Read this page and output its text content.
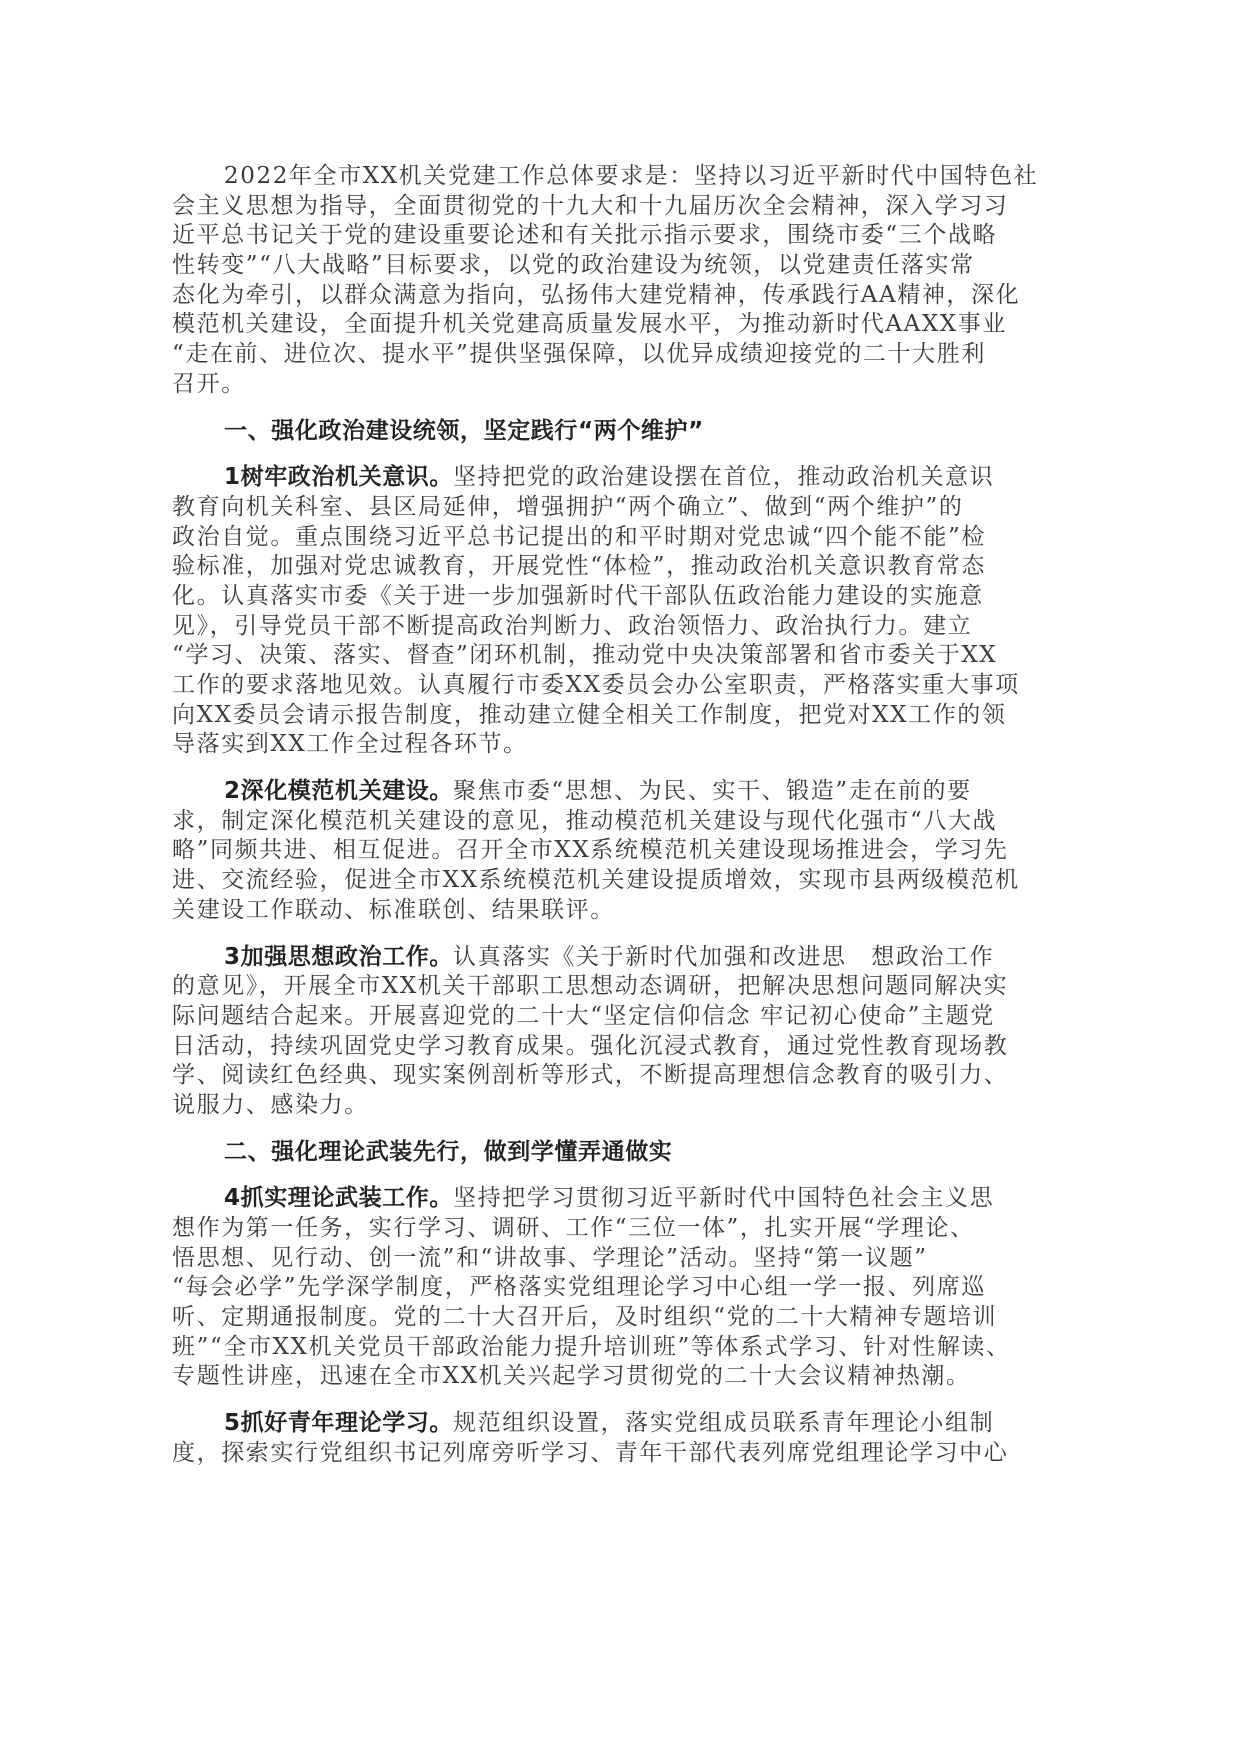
2022年全市XX机关党建工作总体要求是：坚持以习近平新时代中国特色社
会主义思想为指导，全面贯彻党的十九大和十九届历次全会精神，深入学习习
近平总书记关于党的建设重要论述和有关批示指示要求，围绕市委“三个战略
性转变”“八大战略”目标要求，以党的政治建设为统领，以党建责任落实常
态化为牵引，以群众满意为指向，弘扬伟大建党精神，传承践行AA精神，深化
模范机关建设，全面提升机关党建高质量发展水平，为推动新时代AAXX事业
“走在前、进位次、提水平”提供坚强保障，以优异成绩迎接党的二十大胜利
召开。
一、强化政治建设统领，坚定践行“两个维护”
1树牢政治机关意识。坚持把党的政治建设摆在首位，推动政治机关意识
教育向机关科室、县区局延伸，增强拥护“两个确立”、做到“两个维护”的
政治自觉。重点围绕习近平总书记提出的和平时期对党忠诚“四个能不能”检
验标准，加强对党忠诚教育，开展党性“体检”，推动政治机关意识教育常态
化。认真落实市委《关于进一步加强新时代干部队伍政治能力建设的实施意
见》，引导党员干部不断提高政治判断力、政治领悟力、政治执行力。建立
“学习、决策、落实、督查”闭环机制，推动党中央决策部署和省市委关于XX
工作的要求落地见效。认真履行市委XX委员会办公室职责，严格落实重大事项
向XX委员会请示报告制度，推动建立健全相关工作制度，把党对XX工作的领
导落实到XX工作全过程各环节。
2深化模范机关建设。聚焦市委“思想、为民、实干、锻造”走在前的要
求，制定深化模范机关建设的意见，推动模范机关建设与现代化强市“八大战
略”同频共进、相互促进。召开全市XX系统模范机关建设现场推进会，学习先
进、交流经验，促进全市XX系统模范机关建设提质增效，实现市县两级模范机
关建设工作联动、标准联创、结果联评。
3加强思想政治工作。认真落实《关于新时代加强和改进思　想政治工作
的意见》，开展全市XX机关干部职工思想动态调研，把解决思想问题同解决实
际问题结合起来。开展喜迎党的二十大“坚定信仰信念 牢记初心使命”主题党
日活动，持续巩固党史学习教育成果。强化沉浸式教育，通过党性教育现场教
学、阅读红色经典、现实案例剖析等形式，不断提高理想信念教育的吸引力、
说服力、感染力。
二、强化理论武装先行，做到学懂弄通做实
4抓实理论武装工作。坚持把学习贯彻习近平新时代中国特色社会主义思
想作为第一任务，实行学习、调研、工作“三位一体”，扎实开展“学理论、
悟思想、见行动、创一流”和“讲故事、学理论”活动。坚持“第一议题”
“每会必学”先学深学制度，严格落实党组理论学习中心组一学一报、列席巡
听、定期通报制度。党的二十大召开后，及时组织“党的二十大精神专题培训
班”“全市XX机关党员干部政治能力提升培训班”等体系式学习、针对性解读、
专题性讲座，迅速在全市XX机关兴起学习贯彻党的二十大会议精神热潮。
5抓好青年理论学习。规范组织设置，落实党组成员联系青年理论小组制
度，探索实行党组织书记列席旁听学习、青年干部代表列席党组理论学习中心
